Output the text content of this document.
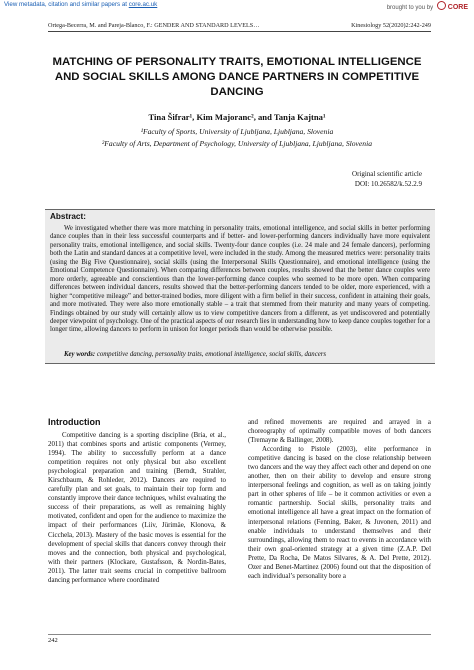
View metadata, citation and similar papers at core.ac.uk	brought to you by CORE
Ortega-Becerra, M. and Pareja-Blanco, F.: GENDER AND STANDARD LEVELS…	Kinesiology 52(2020)2:242-249
MATCHING OF PERSONALITY TRAITS, EMOTIONAL INTELLIGENCE AND SOCIAL SKILLS AMONG DANCE PARTNERS IN COMPETITIVE DANCING
Tina Šifrar¹, Kim Majoranc², and Tanja Kajtna¹
¹Faculty of Sports, University of Ljubljana, Ljubljana, Slovenia
²Faculty of Arts, Department of Psychology, University of Ljubljana, Ljubljana, Slovenia
Original scientific article
DOI: 10.26582/k.52.2.9
Abstract:

We investigated whether there was more matching in personality traits, emotional intelligence, and social skills in better performing dance couples than in their less successful counterparts and if better- and lower-performing dancers individually have more equivalent personality traits, emotional intelligence, and social skills. Twenty-four dance couples (i.e. 24 male and 24 female dancers), performing both the Latin and standard dances at a competitive level, were included in the study. Among the measured metrics were: personality traits (using the Big Five Questionnaire), social skills (using the Interpersonal Skills Questionnaire), and emotional intelligence (using the Emotional Competence Questionnaire). When comparing differences between couples, results showed that the better dance couples were more orderly, agreeable and conscientious than the lower-performing dance couples who seemed to be more open. When comparing differences between individual dancers, results showed that the better-performing dancers tended to be older, more experienced, with a higher “competitive mileage” and better-trained bodies, more diligent with a firm belief in their success, confident in attaining their goals, and more motivated. They were also more emotionally stable – a trait that stemmed from their maturity and many years of competing. Findings obtained by our study will certainly allow us to view competitive dancers from a different, as yet undiscovered and potentially deeper viewpoint of psychology. One of the practical aspects of our research lies in understanding how to keep dance couples together for a longer time, allowing dancers to perform in unison for longer periods than would be otherwise possible.

Key words: competitive dancing, personality traits, emotional intelligence, social skills, dancers

Introduction

Competitive dancing is a sporting discipline (Bria, et al., 2011) that combines sports and artistic components (Vermey, 1994). The ability to successfully perform at a dance competition requires not only physical but also excellent psychological preparation and training (Berndt, Strahler, Kirschbaum, & Rohleder, 2012). Dancers are required to carefully plan and set goals, to maintain their top form and constantly improve their dance techniques, whilst evaluating the success of their preparations, as well as remaining highly motivated, confident and open for the audience to maximize the impact of their performances (Liiv, Jürimäe, Klonova, & Cicchela, 2013). Mastery of the basic moves is essential for the development of special skills that dancers convey through their moves and the connection, both physical and psychological, with their partners (Klockare, Gustafsson, & Nordin-Bates, 2011). The latter trait seems crucial in competitive ballroom dancing performance where coordinated

and refined movements are required and arrayed in a choreography of optimally compatible moves of both dancers (Tremayne & Ballinger, 2008).

According to Pistole (2003), elite performance in competitive dancing is based on the close relationship between two dancers and the way they affect each other and depend on one another, then on their ability to develop and ensure strong interpersonal feelings and cognition, as well as on taking jointly part in other spheres of life – be it common activities or even a romantic partnership. Social skills, personality traits and emotional intelligence all have a great impact on the formation of interpersonal relations (Fenning, Baker, & Juvonen, 2011) and enable individuals to understand themselves and their surroundings, allowing them to react to events in accordance with their own goal-oriented strategy at a given time (Z.A.P. Del Prette, Da Rocha, De Matos Silvares, & A. Del Prette, 2012). Ozer and Benet-Martinez (2006) found out that the disposition of each individual’s personality bore a

242
